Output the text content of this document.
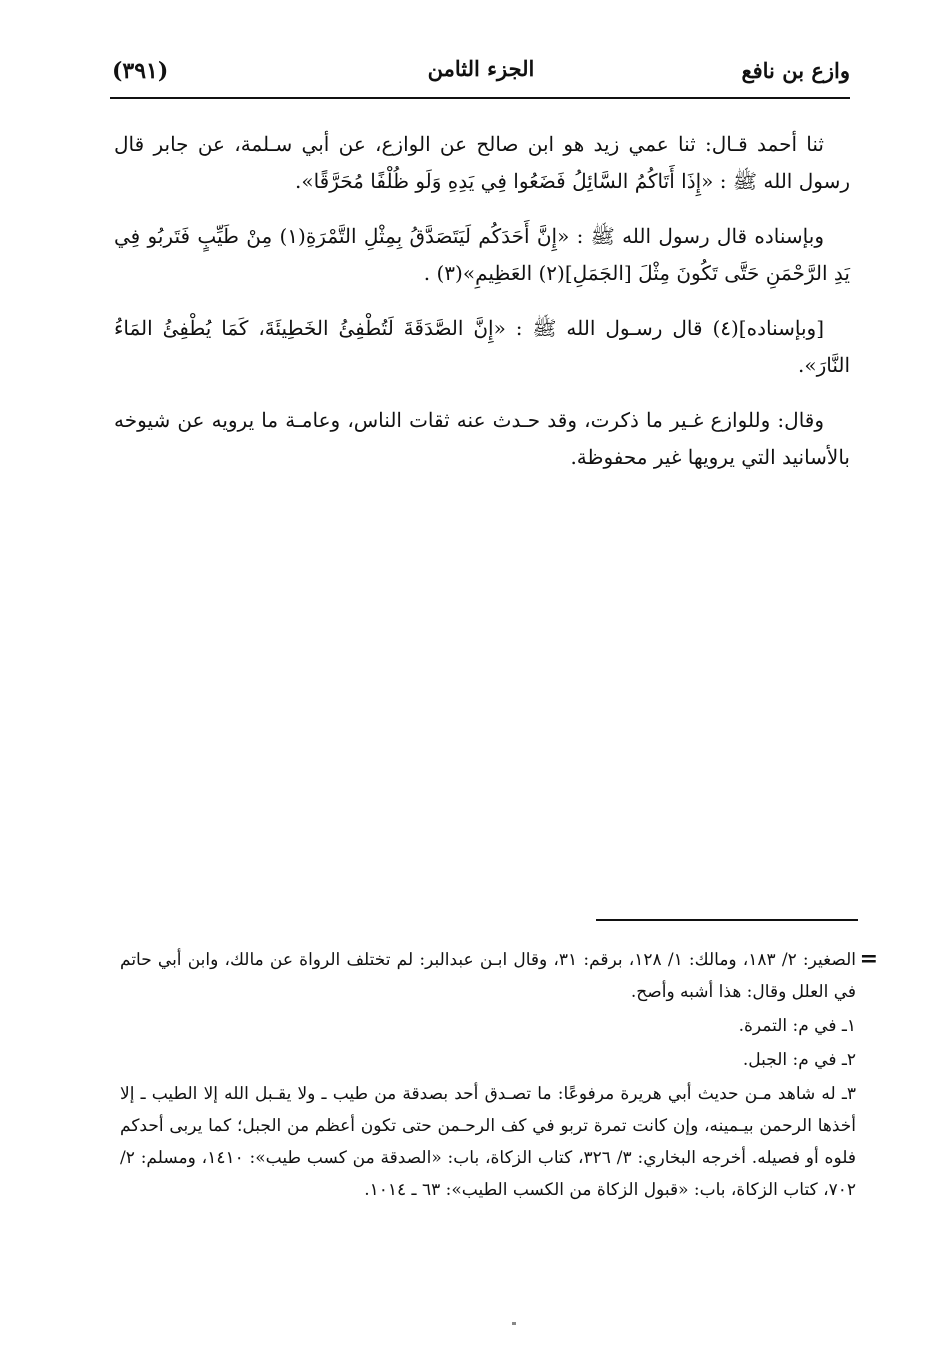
وازع بن نافع
الجزء الثامن
(٣٩١)

ثنا أحمد قـال: ثنا عمي زيد هو ابن صالح عن الوازع، عن أبي سـلمة، عن جابر قال رسول الله ﷺ : «إِذَا أَتَاكُمُ السَّائِلُ فَضَعُوا فِي يَدِهِ وَلَو ظُلْفًا مُحَرَّقًا».

وبإسناده قال رسول الله ﷺ : «إِنَّ أَحَدَكُم لَيَتَصَدَّقُ بِمِثْلِ التَّمْرَةِ(١) مِنْ طَيِّبٍ فَتَربُو فِي يَدِ الرَّحْمَنِ حَتَّى تَكُونَ مِثْلَ [الجَمَلِ](٢) العَظِيمِ»(٣) .

[وبإسناده](٤) قال رسـول الله ﷺ : «إِنَّ الصَّدَقَةَ لَتُطْفِئُ الخَطِيئَةَ، كَمَا يُطْفِئُ المَاءُ النَّارَ».

وقال: وللوازع غـير ما ذكرت، وقد حـدث عنه ثقات الناس، وعامـة ما يرويه عن شيوخه بالأسانيد التي يرويها غير محفوظة.

=
الصغير: ٢/ ١٨٣، ومالك: ١/ ١٢٨، برقم: ٣١، وقال ابـن عبدالبر: لم تختلف الرواة عن مالك، وابن أبي حاتم في العلل وقال: هذا أشبه وأصح.
١ـ في م: التمرة.
٢ـ في م: الجبل.
٣ـ له شاهد مـن حديث أبي هريرة مرفوعًا: ما تصـدق أحد بصدقة من طيب ـ ولا يقـبل الله إلا الطيب ـ إلا أخذها الرحمن بيـمينه، وإن كانت تمرة تربو في كف الرحـمن حتى تكون أعظم من الجبل؛ كما يربى أحدكم فلوه أو فصيله. أخرجه البخاري: ٣/ ٣٢٦، كتاب الزكاة، باب: «الصدقة من كسب طيب»: ١٤١٠، ومسلم: ٢/ ٧٠٢، كتاب الزكاة، باب: «قبول الزكاة من الكسب الطيب»: ٦٣ ـ ١٠١٤.
